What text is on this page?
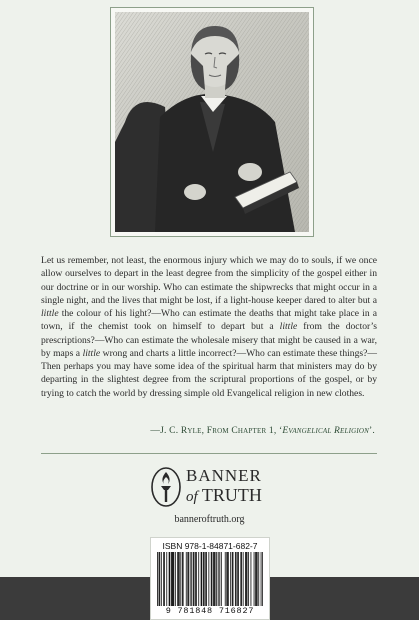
Let us remember, not least, the enormous injury which we may do to souls, if we once allow ourselves to depart in the least degree from the simplicity of the gospel either in our doctrine or in our worship. Who can estimate the shipwrecks that might occur in a single night, and the lives that might be lost, if a light-house keeper dared to alter but a little the colour of his light?—Who can estimate the deaths that might take place in a town, if the chemist took on himself to depart but a little from the doctor’s prescriptions?—Who can estimate the wholesale misery that might be caused in a war, by maps a little wrong and charts a little incorrect?—Who can estimate these things?—Then perhaps you may have some idea of the spiritual harm that ministers may do by departing in the slightest degree from the scriptural proportions of the gospel, or by trying to catch the world by dressing simple old Evangelical religion in new clothes.

—J. C. Ryle, From Chapter 1, ‘Evangelical Religion’.
BANNER
of TRUTH
banneroftruth.org
ISBN 978-1-84871-682-7
9 781848 716827
